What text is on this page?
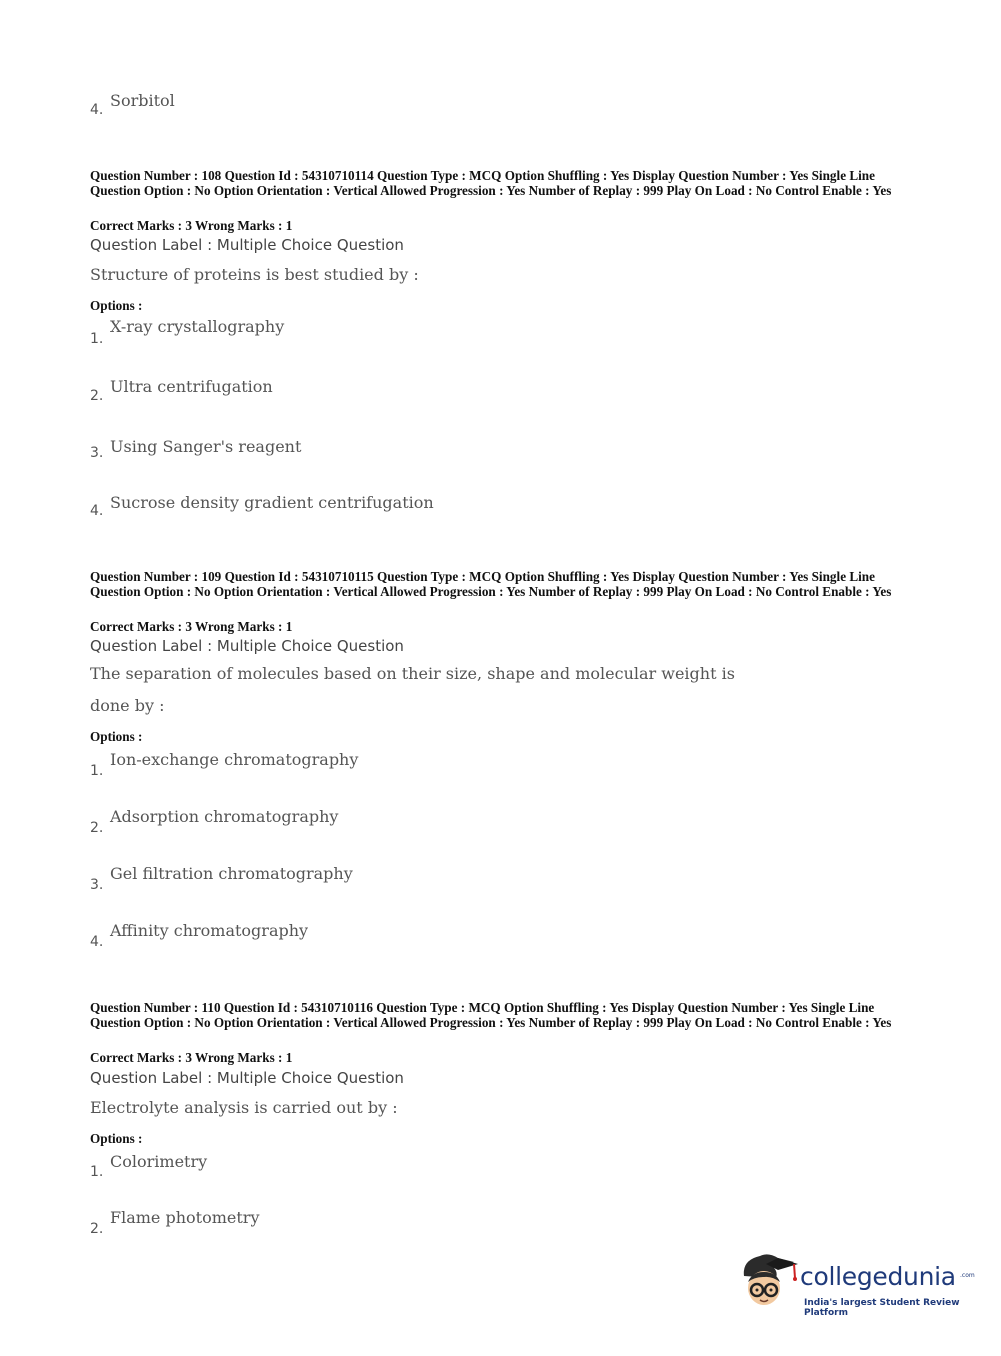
4. Sorbitol
Question Number : 108 Question Id : 54310710114 Question Type : MCQ Option Shuffling : Yes Display Question Number : Yes Single Line Question Option : No Option Orientation : Vertical Allowed Progression : Yes Number of Replay : 999 Play On Load : No Control Enable : Yes
Correct Marks : 3 Wrong Marks : 1
Question Label : Multiple Choice Question
Structure of proteins is best studied by :
Options :
1.
X-ray crystallography
2. Ultra centrifugation
3. Using Sanger's reagent
4. Sucrose density gradient centrifugation
Question Number : 109 Question Id : 54310710115 Question Type : MCQ Option Shuffling : Yes Display Question Number : Yes Single Line Question Option : No Option Orientation : Vertical Allowed Progression : Yes Number of Replay : 999 Play On Load : No Control Enable : Yes
Correct Marks : 3 Wrong Marks : 1
Question Label : Multiple Choice Question
The separation of molecules based on their size, shape and molecular weight is
done by :
Options :
1.
Ion-exchange chromatography
2.
Adsorption chromatography
3.
Gel filtration chromatography
4.
Affinity chromatography
Question Number : 110 Question Id : 54310710116 Question Type : MCQ Option Shuffling : Yes Display Question Number : Yes Single Line Question Option : No Option Orientation : Vertical Allowed Progression : Yes Number of Replay : 999 Play On Load : No Control Enable : Yes
Correct Marks : 3 Wrong Marks : 1
Question Label : Multiple Choice Question
Electrolyte analysis is carried out by :
Options :
1.
Colorimetry
2.
Flame photometry
collegedunia .com
India's largest Student Review Platform
